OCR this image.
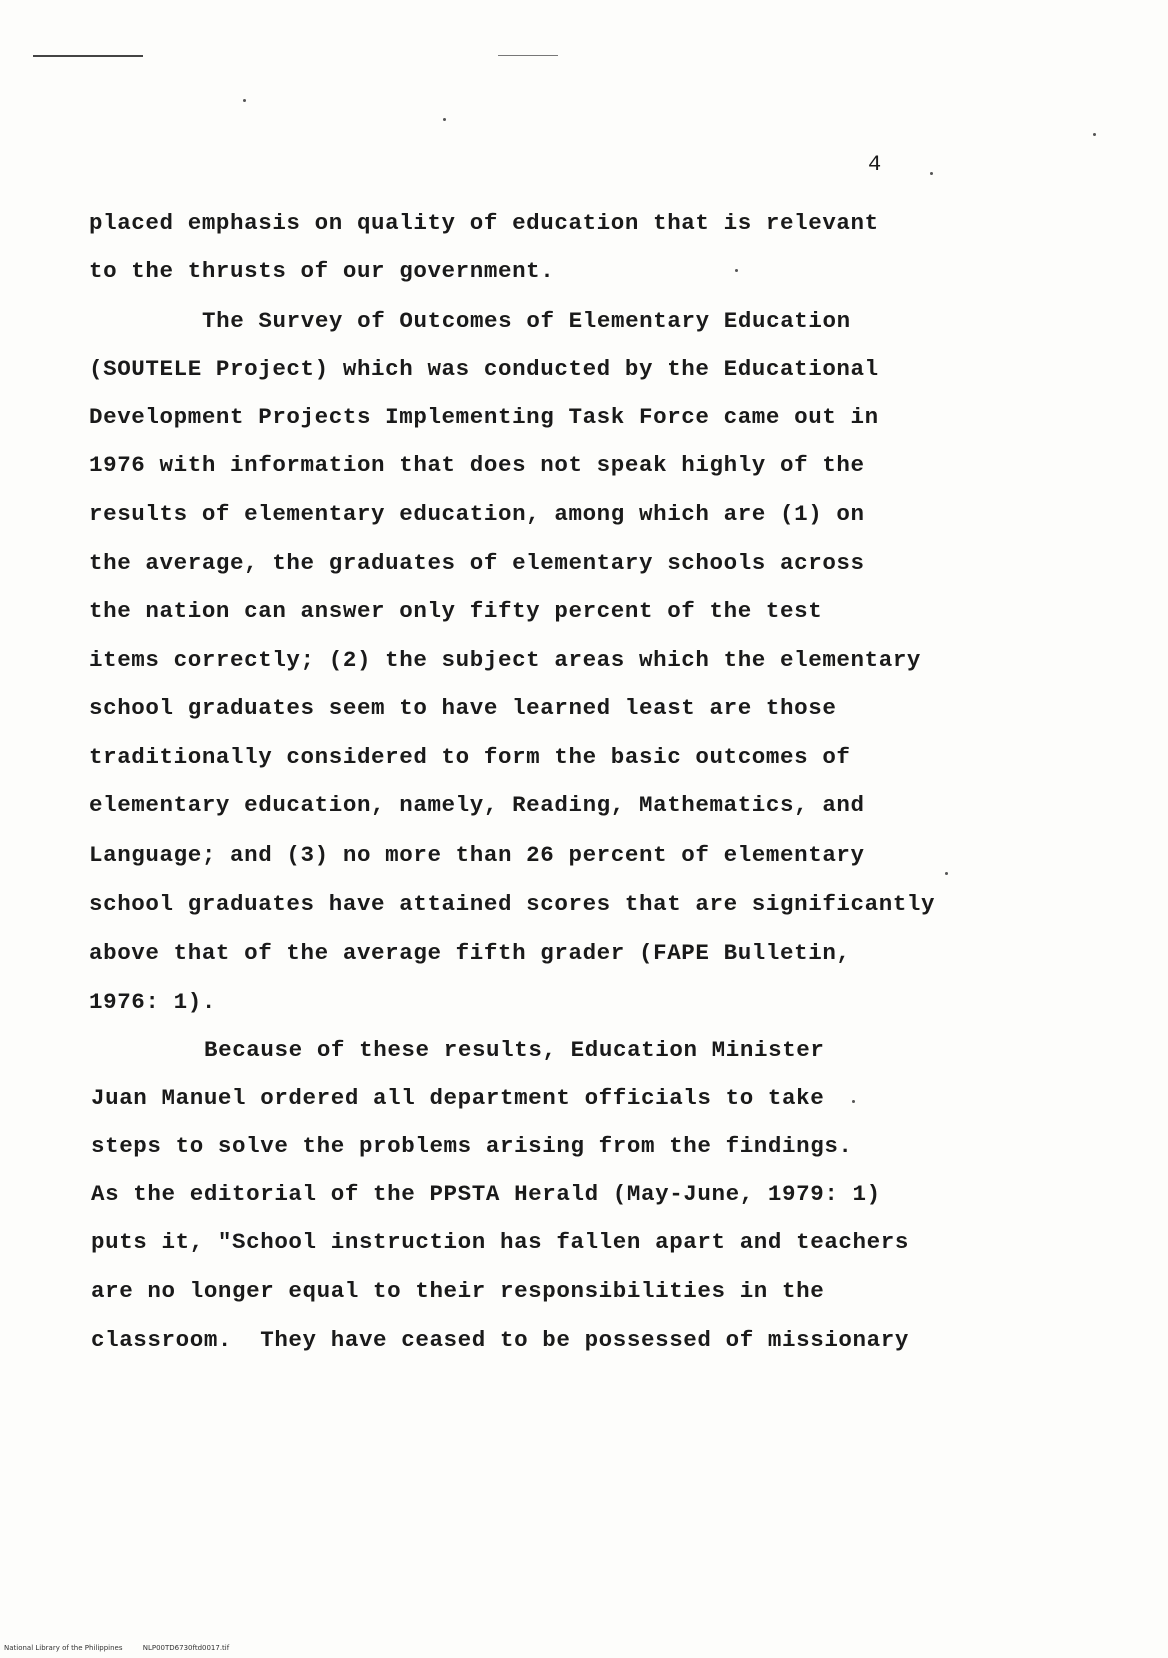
4
placed emphasis on quality of education that is relevant
to the thrusts of our government.
The Survey of Outcomes of Elementary Education
(SOUTELE Project) which was conducted by the Educational
Development Projects Implementing Task Force came out in
1976 with information that does not speak highly of the
results of elementary education, among which are (1) on
the average, the graduates of elementary schools across
the nation can answer only fifty percent of the test
items correctly; (2) the subject areas which the elementary
school graduates seem to have learned least are those
traditionally considered to form the basic outcomes of
elementary education, namely, Reading, Mathematics, and
Language; and (3) no more than 26 percent of elementary
school graduates have attained scores that are significantly
above that of the average fifth grader (FAPE Bulletin,
1976: 1).
Because of these results, Education Minister
Juan Manuel ordered all department officials to take
steps to solve the problems arising from the findings.
As the editorial of the PPSTA Herald (May-June, 1979: 1)
puts it, "School instruction has fallen apart and teachers
are no longer equal to their responsibilities in the
classroom.  They have ceased to be possessed of missionary
National Library of the Philippines	NLP00TD6730ftd0017.tif
